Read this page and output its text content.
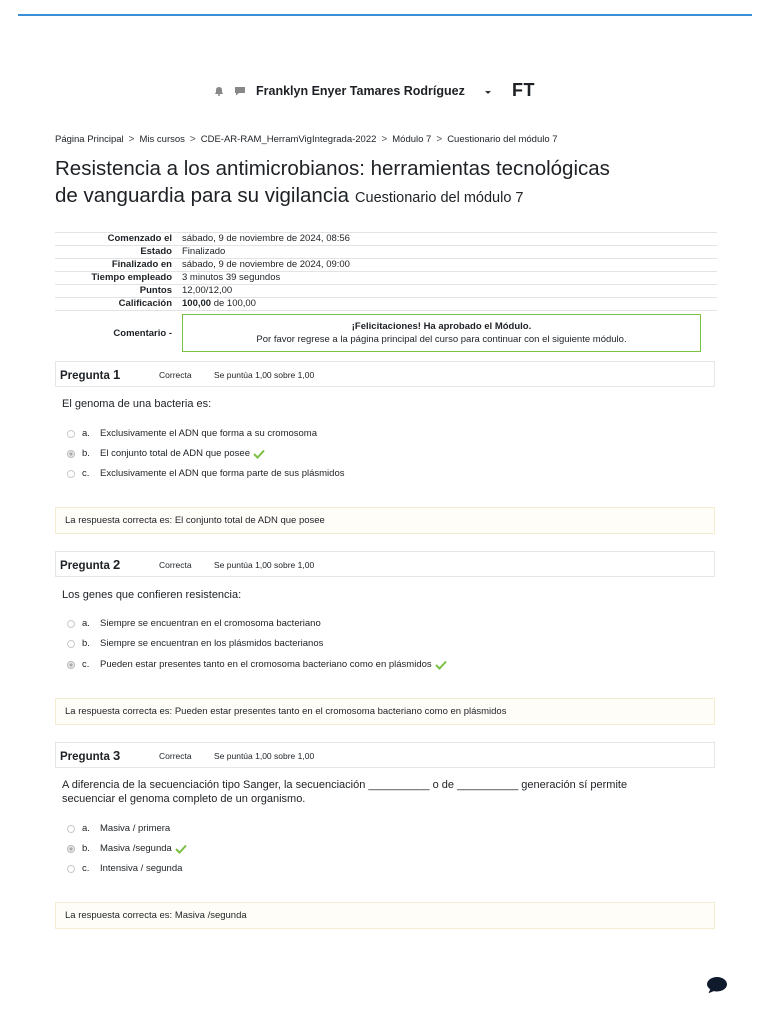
Franklyn Enyer Tamares Rodríguez	FT
Página Principal > Mis cursos > CDE-AR-RAM_HerramVigIntegrada-2022 > Módulo 7 > Cuestionario del módulo 7
Resistencia a los antimicrobianos: herramientas tecnológicas
de vanguardia para su vigilancia Cuestionario del módulo 7
Comenzado el	sábado, 9 de noviembre de 2024, 08:56
Estado	Finalizado
Finalizado en	sábado, 9 de noviembre de 2024, 09:00
Tiempo empleado	3 minutos 39 segundos
Puntos	12,00/12,00
Calificación	100,00 de 100,00
Comentario -	¡Felicitaciones! Ha aprobado el Módulo.
Por favor regrese a la página principal del curso para continuar con el siguiente módulo.
Pregunta 1	Correcta	Se puntúa 1,00 sobre 1,00
El genoma de una bacteria es:
a.	Exclusivamente el ADN que forma a su cromosoma
b.	El conjunto total de ADN que posee
c.	Exclusivamente el ADN que forma parte de sus plásmidos
La respuesta correcta es: El conjunto total de ADN que posee
Pregunta 2	Correcta	Se puntúa 1,00 sobre 1,00
Los genes que confieren resistencia:
a.	Siempre se encuentran en el cromosoma bacteriano
b.	Siempre se encuentran en los plásmidos bacterianos
c.	Pueden estar presentes tanto en el cromosoma bacteriano como en plásmidos
La respuesta correcta es: Pueden estar presentes tanto en el cromosoma bacteriano como en plásmidos
Pregunta 3	Correcta	Se puntúa 1,00 sobre 1,00
A diferencia de la secuenciación tipo Sanger, la secuenciación __________ o de __________ generación sí permite
secuenciar el genoma completo de un organismo.
a.	Masiva / primera
b.	Masiva /segunda
c.	Intensiva / segunda
La respuesta correcta es: Masiva /segunda
